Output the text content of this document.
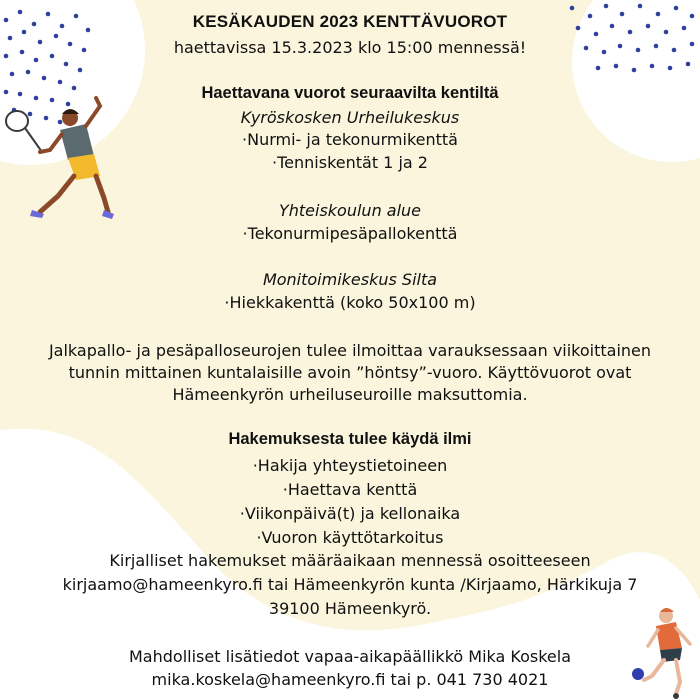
KESÄKAUDEN 2023 KENTTÄVUOROT
haettavissa 15.3.2023 klo 15:00 mennessä!
Haettavana vuorot seuraavilta kentiltä
Kyröskosken Urheilukeskus
·Nurmi- ja tekonurmikenttä
·Tenniskentät 1 ja 2
Yhteiskoulun alue
·Tekonurmipesäpallokenttä
Monitoimikeskus Silta
·Hiekkakenttä (koko 50x100 m)
Jalkapallo- ja pesäpalloseurojen tulee ilmoittaa varauksessaan viikoittainen
tunnin mittainen kuntalaisille avoin ”höntsy”-vuoro. Käyttövuorot ovat
Hämeenkyrön urheiluseuroille maksuttomia.
Hakemuksesta tulee käydä ilmi
·Hakija yhteystietoineen
·Haettava kenttä
·Viikonpäivä(t) ja kellonaika
·Vuoron käyttötarkoitus
Kirjalliset hakemukset määräaikaan mennessä osoitteeseen
kirjaamo@hameenkyro.fi tai Hämeenkyrön kunta /Kirjaamo, Härkikuja 7
39100 Hämeenkyrö.
Mahdolliset lisätiedot vapaa-aikapäällikkö Mika Koskela
mika.koskela@hameenkyro.fi tai p. 041 730 4021
